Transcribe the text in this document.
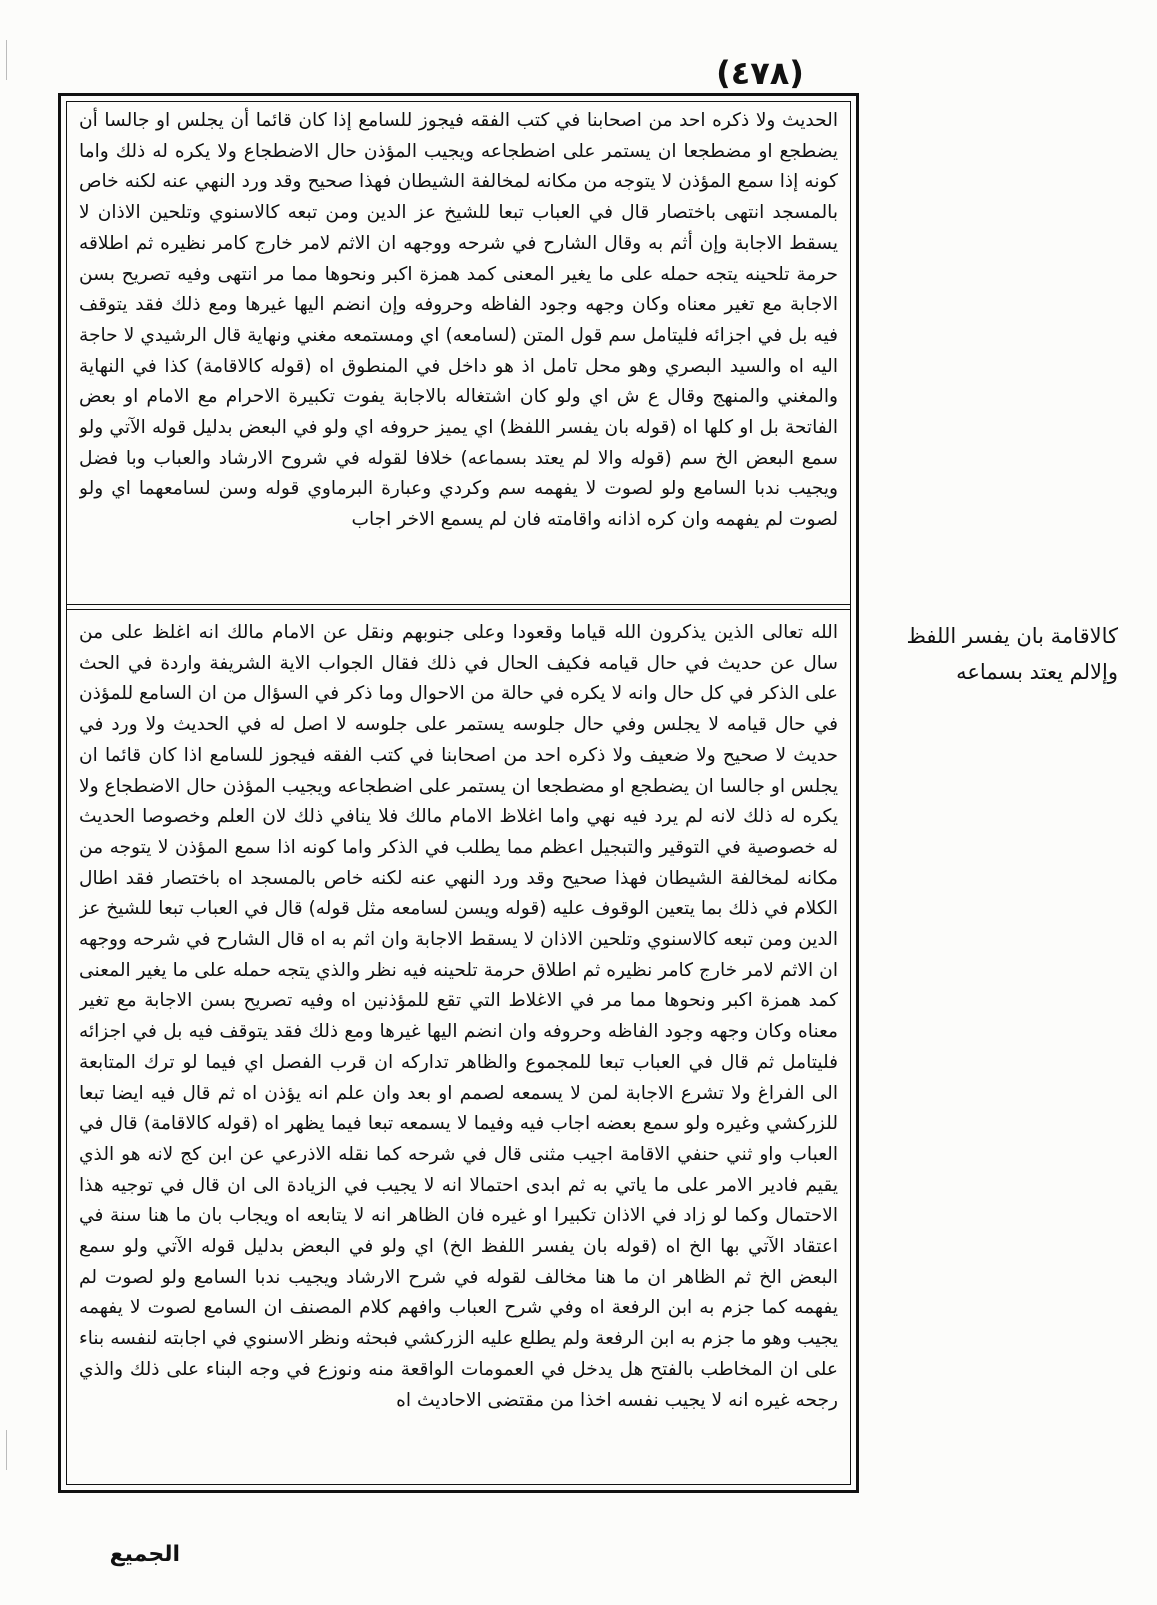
(٤٧٨)

الحديث ولا ذكره احد من اصحابنا في كتب الفقه فيجوز للسامع إذا كان قائما أن يجلس او جالسا أن يضطجع او مضطجعا ان يستمر على اضطجاعه ويجيب المؤذن حال الاضطجاع ولا يكره له ذلك واما كونه إذا سمع المؤذن لا يتوجه من مكانه لمخالفة الشيطان فهذا صحيح وقد ورد النهي عنه لكنه خاص بالمسجد انتهى باختصار قال في العباب تبعا للشيخ عز الدين ومن تبعه كالاسنوي وتلحين الاذان لا يسقط الاجابة وإن أثم به وقال الشارح في شرحه ووجهه ان الاثم لامر خارج كامر نظيره ثم اطلاقه حرمة تلحينه يتجه حمله على ما يغير المعنى كمد همزة اكبر ونحوها مما مر انتهى وفيه تصريح بسن الاجابة مع تغير معناه وكان وجهه وجود الفاظه وحروفه وإن انضم اليها غيرها ومع ذلك فقد يتوقف فيه بل في اجزائه فليتامل سم قول المتن (لسامعه) اي ومستمعه مغني ونهاية قال الرشيدي لا حاجة اليه اه والسيد البصري وهو محل تامل اذ هو داخل في المنطوق اه (قوله كالاقامة) كذا في النهاية والمغني والمنهج وقال ع ش اي ولو كان اشتغاله بالاجابة يفوت تكبيرة الاحرام مع الامام او بعض الفاتحة بل او كلها اه (قوله بان يفسر اللفظ) اي يميز حروفه اي ولو في البعض بدليل قوله الآتي ولو سمع البعض الخ سم (قوله والا لم يعتد بسماعه) خلافا لقوله في شروح الارشاد والعباب وبا فضل ويجيب ندبا السامع ولو لصوت لا يفهمه سم وكردي وعبارة البرماوي قوله وسن لسامعهما اي ولو لصوت لم يفهمه وان كره اذانه واقامته فان لم يسمع الاخر اجاب

الله تعالى الذين يذكرون الله قياما وقعودا وعلى جنوبهم ونقل عن الامام مالك انه اغلظ على من سال عن حديث في حال قيامه فكيف الحال في ذلك فقال الجواب الاية الشريفة واردة في الحث على الذكر في كل حال وانه لا يكره في حالة من الاحوال وما ذكر في السؤال من ان السامع للمؤذن في حال قيامه لا يجلس وفي حال جلوسه يستمر على جلوسه لا اصل له في الحديث ولا ورد في حديث لا صحيح ولا ضعيف ولا ذكره احد من اصحابنا في كتب الفقه فيجوز للسامع اذا كان قائما ان يجلس او جالسا ان يضطجع او مضطجعا ان يستمر على اضطجاعه ويجيب المؤذن حال الاضطجاع ولا يكره له ذلك لانه لم يرد فيه نهي واما اغلاظ الامام مالك فلا ينافي ذلك لان العلم وخصوصا الحديث له خصوصية في التوقير والتبجيل اعظم مما يطلب في الذكر واما كونه اذا سمع المؤذن لا يتوجه من مكانه لمخالفة الشيطان فهذا صحيح وقد ورد النهي عنه لكنه خاص بالمسجد اه باختصار فقد اطال الكلام في ذلك بما يتعين الوقوف عليه (قوله ويسن لسامعه مثل قوله) قال في العباب تبعا للشيخ عز الدين ومن تبعه كالاسنوي وتلحين الاذان لا يسقط الاجابة وان اثم به اه قال الشارح في شرحه ووجهه ان الاثم لامر خارج كامر نظيره ثم اطلاق حرمة تلحينه فيه نظر والذي يتجه حمله على ما يغير المعنى كمد همزة اكبر ونحوها مما مر في الاغلاط التي تقع للمؤذنين اه وفيه تصريح بسن الاجابة مع تغير معناه وكان وجهه وجود الفاظه وحروفه وان انضم اليها غيرها ومع ذلك فقد يتوقف فيه بل في اجزائه فليتامل ثم قال في العباب تبعا للمجموع والظاهر تداركه ان قرب الفصل اي فيما لو ترك المتابعة الى الفراغ ولا تشرع الاجابة لمن لا يسمعه لصمم او بعد وان علم انه يؤذن اه ثم قال فيه ايضا تبعا للزركشي وغيره ولو سمع بعضه اجاب فيه وفيما لا يسمعه تبعا فيما يظهر اه (قوله كالاقامة) قال في العباب واو ثني حنفي الاقامة اجيب مثنى قال في شرحه كما نقله الاذرعي عن ابن كج لانه هو الذي يقيم فادير الامر على ما ياتي به ثم ابدى احتمالا انه لا يجيب في الزيادة الى ان قال في توجيه هذا الاحتمال وكما لو زاد في الاذان تكبيرا او غيره فان الظاهر انه لا يتابعه اه ويجاب بان ما هنا سنة في اعتقاد الآتي بها الخ اه (قوله بان يفسر اللفظ الخ) اي ولو في البعض بدليل قوله الآتي ولو سمع البعض الخ ثم الظاهر ان ما هنا مخالف لقوله في شرح الارشاد ويجيب ندبا السامع ولو لصوت لم يفهمه كما جزم به ابن الرفعة اه وفي شرح العباب وافهم كلام المصنف ان السامع لصوت لا يفهمه يجيب وهو ما جزم به ابن الرفعة ولم يطلع عليه الزركشي فبحثه ونظر الاسنوي في اجابته لنفسه بناء على ان المخاطب بالفتح هل يدخل في العمومات الواقعة منه ونوزع في وجه البناء على ذلك والذي رجحه غيره انه لا يجيب نفسه اخذا من مقتضى الاحاديث اه

كالاقامة بان يفسر اللفظ
وإلالم يعتد بسماعه
الجميع
